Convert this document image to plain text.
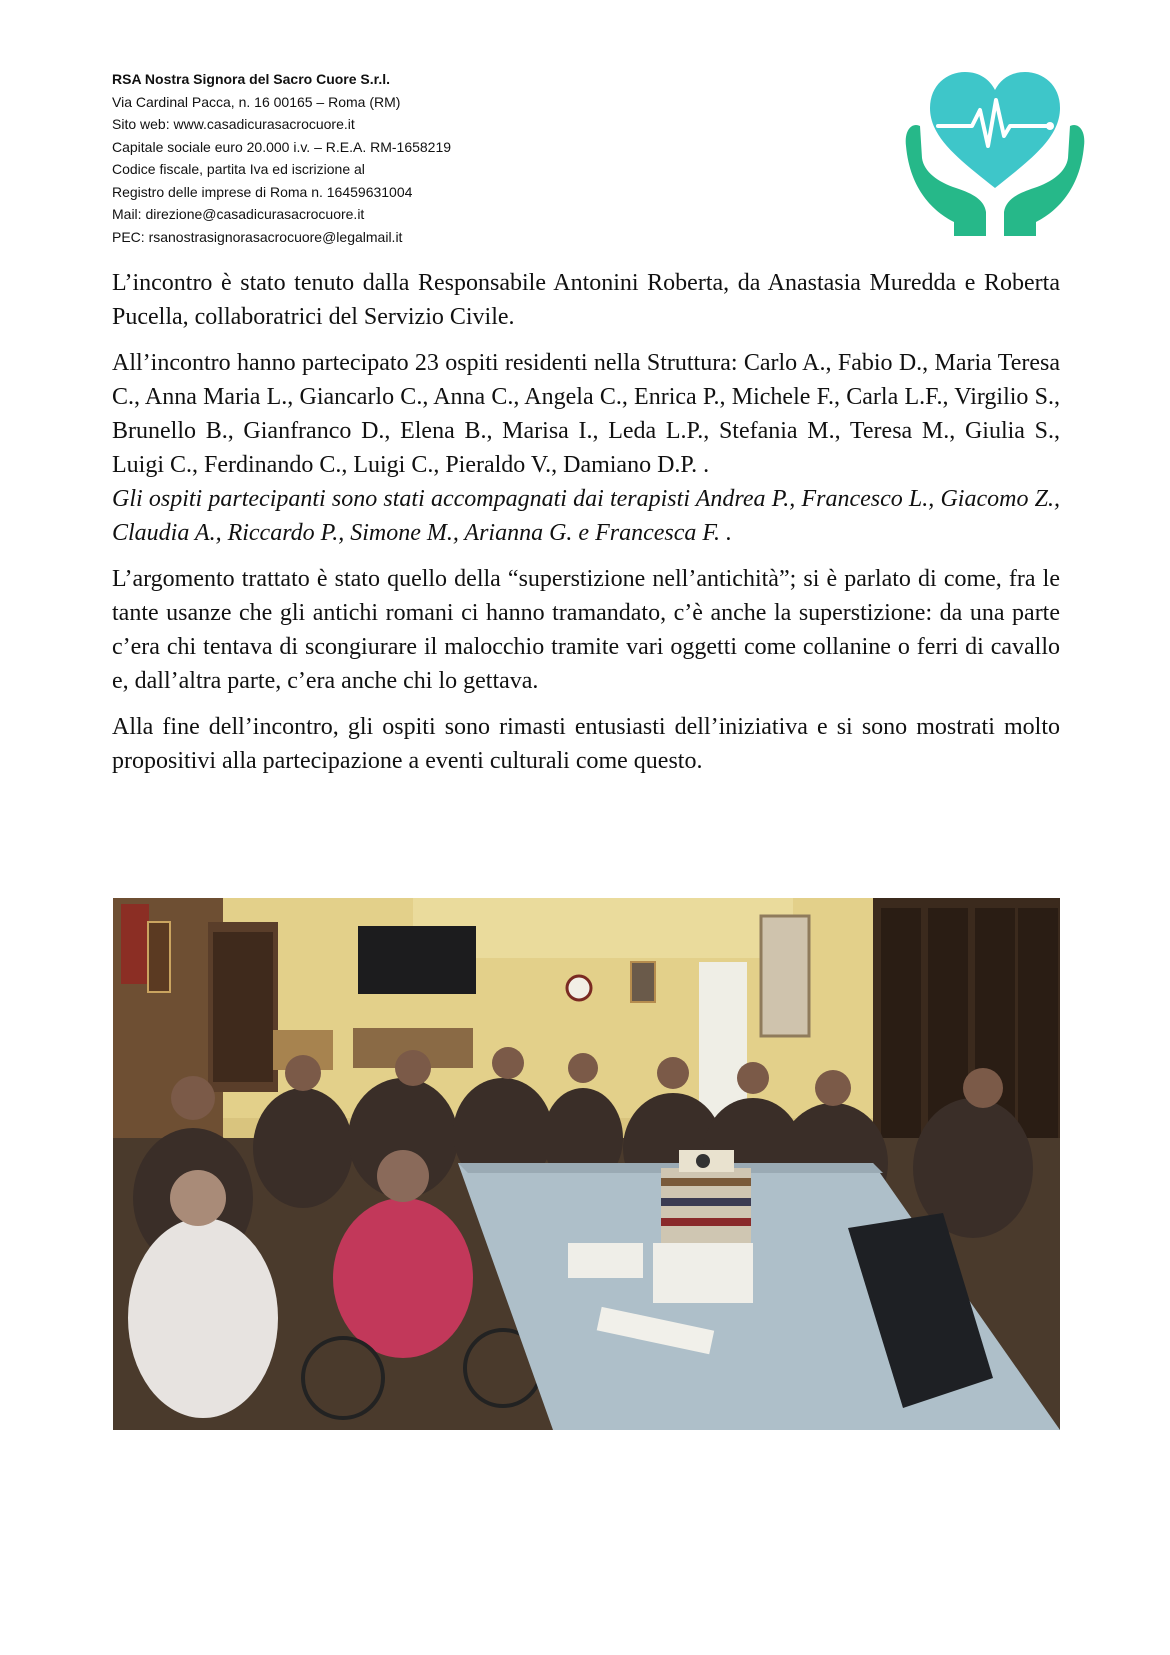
RSA Nostra Signora del Sacro Cuore S.r.l.
Via Cardinal Pacca, n. 16 00165 – Roma (RM)
Sito web: www.casadicurasacrocuore.it
Capitale sociale euro 20.000 i.v. – R.E.A. RM-1658219
Codice fiscale, partita Iva ed iscrizione al
Registro delle imprese di Roma n. 16459631004
Mail: direzione@casadicurasacrocuore.it
PEC: rsanostrasignorasacrocuore@legalmail.it

L’incontro è stato tenuto dalla Responsabile Antonini Roberta, da Anastasia Muredda e Roberta Pucella, collaboratrici del Servizio Civile.

All’incontro hanno partecipato 23 ospiti residenti nella Struttura: Carlo A., Fabio D., Maria Teresa C., Anna Maria L., Giancarlo C., Anna C., Angela C., Enrica P., Michele F., Carla L.F., Virgilio S., Brunello B., Gianfranco D., Elena B., Marisa I., Leda L.P., Stefania M., Teresa M., Giulia S., Luigi C., Ferdinando C., Luigi C., Pieraldo V., Damiano D.P. .

Gli ospiti partecipanti sono stati accompagnati dai terapisti Andrea P., Francesco L., Giacomo Z., Claudia A., Riccardo P., Simone M., Arianna G. e Francesca F. .

L’argomento trattato è stato quello della “superstizione nell’antichità”; si è parlato di come, fra le tante usanze che gli antichi romani ci hanno tramandato, c’è anche la superstizione: da una parte c’era chi tentava di scongiurare il malocchio tramite vari oggetti come collanine o ferri di cavallo e, dall’altra parte, c’era anche chi lo gettava.

Alla fine dell’incontro, gli ospiti sono rimasti entusiasti dell’iniziativa e si sono mostrati molto propositivi alla partecipazione a eventi culturali come questo.
